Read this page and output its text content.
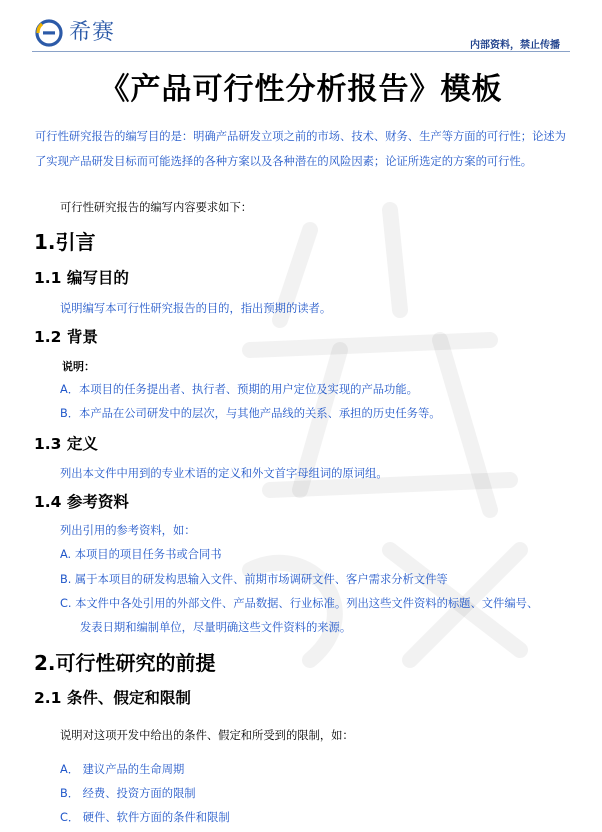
希赛
内部资料，禁止传播
《产品可行性分析报告》模板
可行性研究报告的编写目的是：明确产品研发立项之前的市场、技术、财务、生产等方面的可行性；论述为了实现产品研发目标而可能选择的各种方案以及各种潜在的风险因素；论证所选定的方案的可行性。
可行性研究报告的编写内容要求如下：
1.引言
1.1 编写目的
说明编写本可行性研究报告的目的，指出预期的读者。
1.2 背景
说明：
A．本项目的任务提出者、执行者、预期的用户定位及实现的产品功能。
B．本产品在公司研发中的层次，与其他产品线的关系、承担的历史任务等。
1.3 定义
列出本文件中用到的专业术语的定义和外文首字母组词的原词组。
1.4 参考资料
列出引用的参考资料，如：
A. 本项目的项目任务书或合同书
B. 属于本项目的研发构思输入文件、前期市场调研文件、客户需求分析文件等
C. 本文件中各处引用的外部文件、产品数据、行业标准。列出这些文件资料的标题、文件编号、
发表日期和编制单位，尽量明确这些文件资料的来源。
2.可行性研究的前提
2.1 条件、假定和限制
说明对这项开发中给出的条件、假定和所受到的限制，如：
A． 建议产品的生命周期
B． 经费、投资方面的限制
C． 硬件、软件方面的条件和限制
